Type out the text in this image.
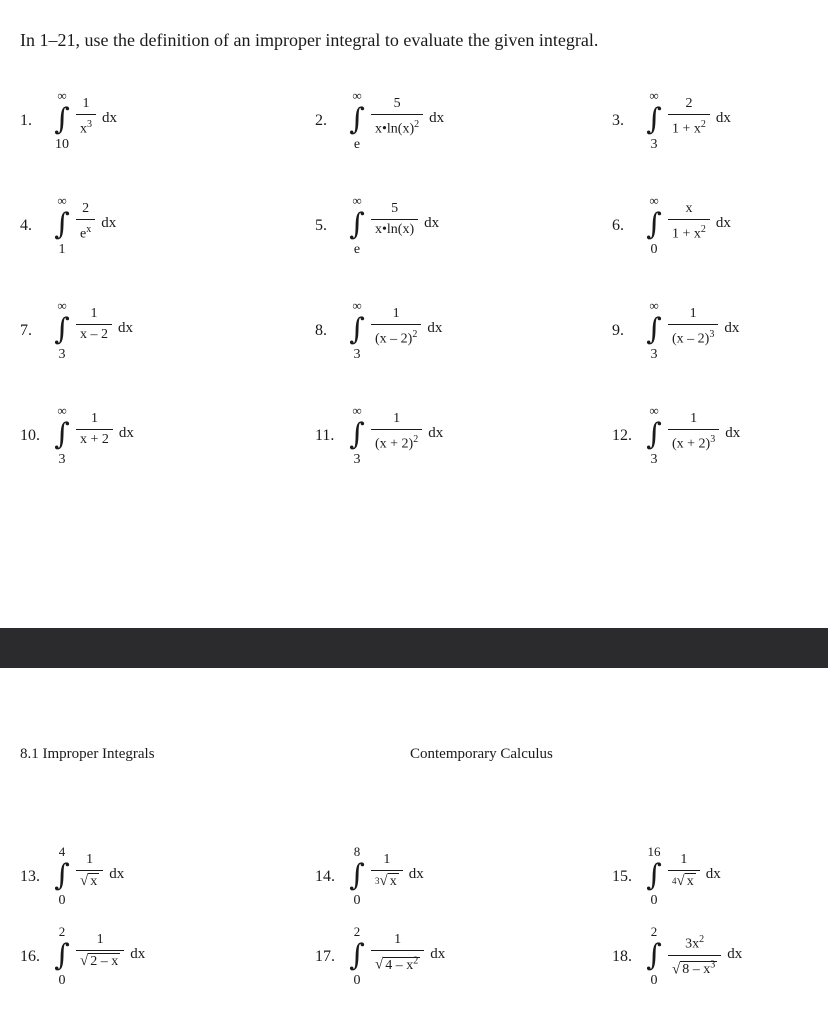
In 1–21, use the definition of an improper integral to evaluate the given integral.
1.
∞
∫
10
1
$x^3$ dx	2.
∞
∫
e
5
$x•\ln(x)^2$ dx	3.
∞
∫
3
2
$1 + x^2$ dx
4.
∞
∫
1
2
$e^x$ dx	5.
∞
∫
e
5
x•ln(x) dx	6.
∞
∫
0
x
$1 + x^2$ dx
7.
∞
∫
3
1
x – 2 dx	8.
∞
∫
3
1
(x – 2)$^2$ dx	9.
∞
∫
3
1
(x – 2)$^3$ dx
10.
∞
∫
3
1
x + 2 dx	11.
∞
∫
3
1
$(x + 2)^2$ dx	12.
∞
∫
3
1
$(x + 2)^3$ dx
8.1 Improper Integrals	Contemporary Calculus
13.
4
∫
0
1
√ x dx	14.
8
∫
0
1
$^3$√ x dx	15.
16
∫
0
1
$^4$√ x dx
16.
2
∫
0
1
√ 2 – x dx	17.
2
∫
0
1
√ $4 - x^2$ dx	18.
2
∫
0
$3x^2$
√ $8 - x^3$
dx
